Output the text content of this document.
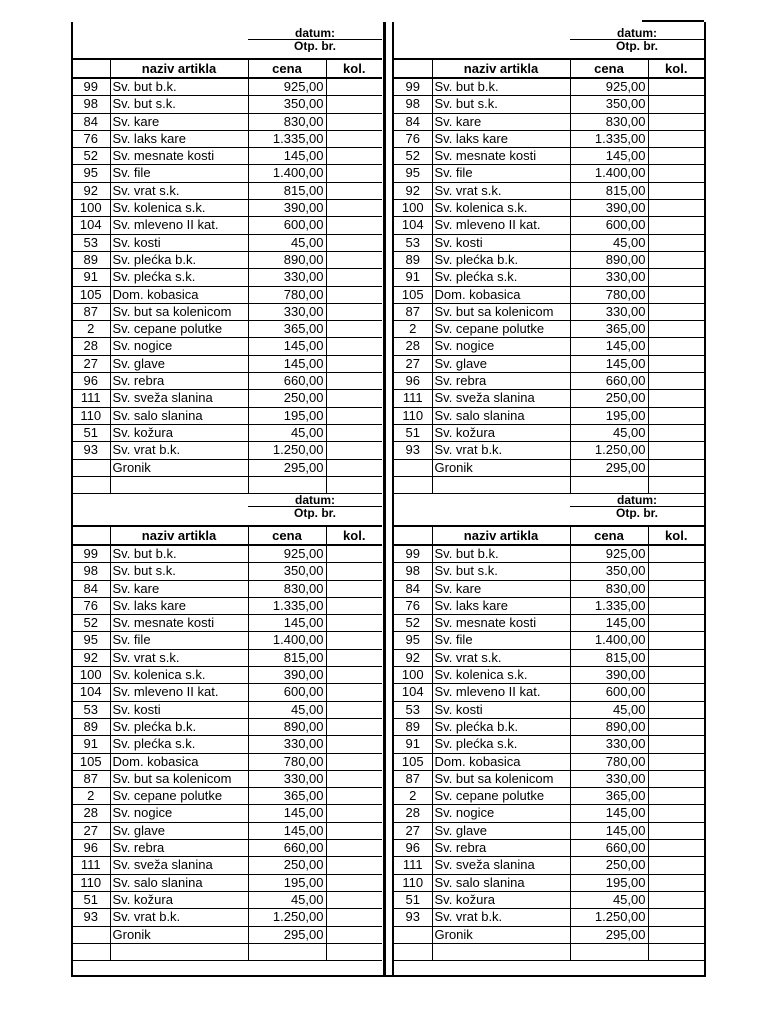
datum:
Otp. br.
	naziv artikla	cena	kol.
99	Sv. but b.k.	925,00	
98	Sv. but s.k.	350,00	
84	Sv. kare	830,00	
76	Sv. laks kare	1.335,00	
52	Sv. mesnate kosti	145,00	
95	Sv. file	1.400,00	
92	Sv. vrat s.k.	815,00	
100	Sv. kolenica s.k.	390,00	
104	Sv. mleveno II kat.	600,00	
53	Sv. kosti	45,00	
89	Sv. plećka b.k.	890,00	
91	Sv. plećka s.k.	330,00	
105	Dom. kobasica	780,00	
87	Sv. but sa kolenicom	330,00	
2	Sv. cepane polutke	365,00	
28	Sv. nogice	145,00	
27	Sv. glave	145,00	
96	Sv. rebra	660,00	
111	Sv. sveža slanina	250,00	
110	Sv. salo slanina	195,00	
51	Sv. kožura	45,00	
93	Sv. vrat b.k.	1.250,00	
	Gronik	295,00	

datum:
Otp. br.
	naziv artikla	cena	kol.
99	Sv. but b.k.	925,00	
98	Sv. but s.k.	350,00	
84	Sv. kare	830,00	
76	Sv. laks kare	1.335,00	
52	Sv. mesnate kosti	145,00	
95	Sv. file	1.400,00	
92	Sv. vrat s.k.	815,00	
100	Sv. kolenica s.k.	390,00	
104	Sv. mleveno II kat.	600,00	
53	Sv. kosti	45,00	
89	Sv. plećka b.k.	890,00	
91	Sv. plećka s.k.	330,00	
105	Dom. kobasica	780,00	
87	Sv. but sa kolenicom	330,00	
2	Sv. cepane polutke	365,00	
28	Sv. nogice	145,00	
27	Sv. glave	145,00	
96	Sv. rebra	660,00	
111	Sv. sveža slanina	250,00	
110	Sv. salo slanina	195,00	
51	Sv. kožura	45,00	
93	Sv. vrat b.k.	1.250,00	
	Gronik	295,00	

datum:
Otp. br.
	naziv artikla	cena	kol.
99	Sv. but b.k.	925,00	
98	Sv. but s.k.	350,00	
84	Sv. kare	830,00	
76	Sv. laks kare	1.335,00	
52	Sv. mesnate kosti	145,00	
95	Sv. file	1.400,00	
92	Sv. vrat s.k.	815,00	
100	Sv. kolenica s.k.	390,00	
104	Sv. mleveno II kat.	600,00	
53	Sv. kosti	45,00	
89	Sv. plećka b.k.	890,00	
91	Sv. plećka s.k.	330,00	
105	Dom. kobasica	780,00	
87	Sv. but sa kolenicom	330,00	
2	Sv. cepane polutke	365,00	
28	Sv. nogice	145,00	
27	Sv. glave	145,00	
96	Sv. rebra	660,00	
111	Sv. sveža slanina	250,00	
110	Sv. salo slanina	195,00	
51	Sv. kožura	45,00	
93	Sv. vrat b.k.	1.250,00	
	Gronik	295,00	

datum:
Otp. br.
	naziv artikla	cena	kol.
99	Sv. but b.k.	925,00	
98	Sv. but s.k.	350,00	
84	Sv. kare	830,00	
76	Sv. laks kare	1.335,00	
52	Sv. mesnate kosti	145,00	
95	Sv. file	1.400,00	
92	Sv. vrat s.k.	815,00	
100	Sv. kolenica s.k.	390,00	
104	Sv. mleveno II kat.	600,00	
53	Sv. kosti	45,00	
89	Sv. plećka b.k.	890,00	
91	Sv. plećka s.k.	330,00	
105	Dom. kobasica	780,00	
87	Sv. but sa kolenicom	330,00	
2	Sv. cepane polutke	365,00	
28	Sv. nogice	145,00	
27	Sv. glave	145,00	
96	Sv. rebra	660,00	
111	Sv. sveža slanina	250,00	
110	Sv. salo slanina	195,00	
51	Sv. kožura	45,00	
93	Sv. vrat b.k.	1.250,00	
	Gronik	295,00	
